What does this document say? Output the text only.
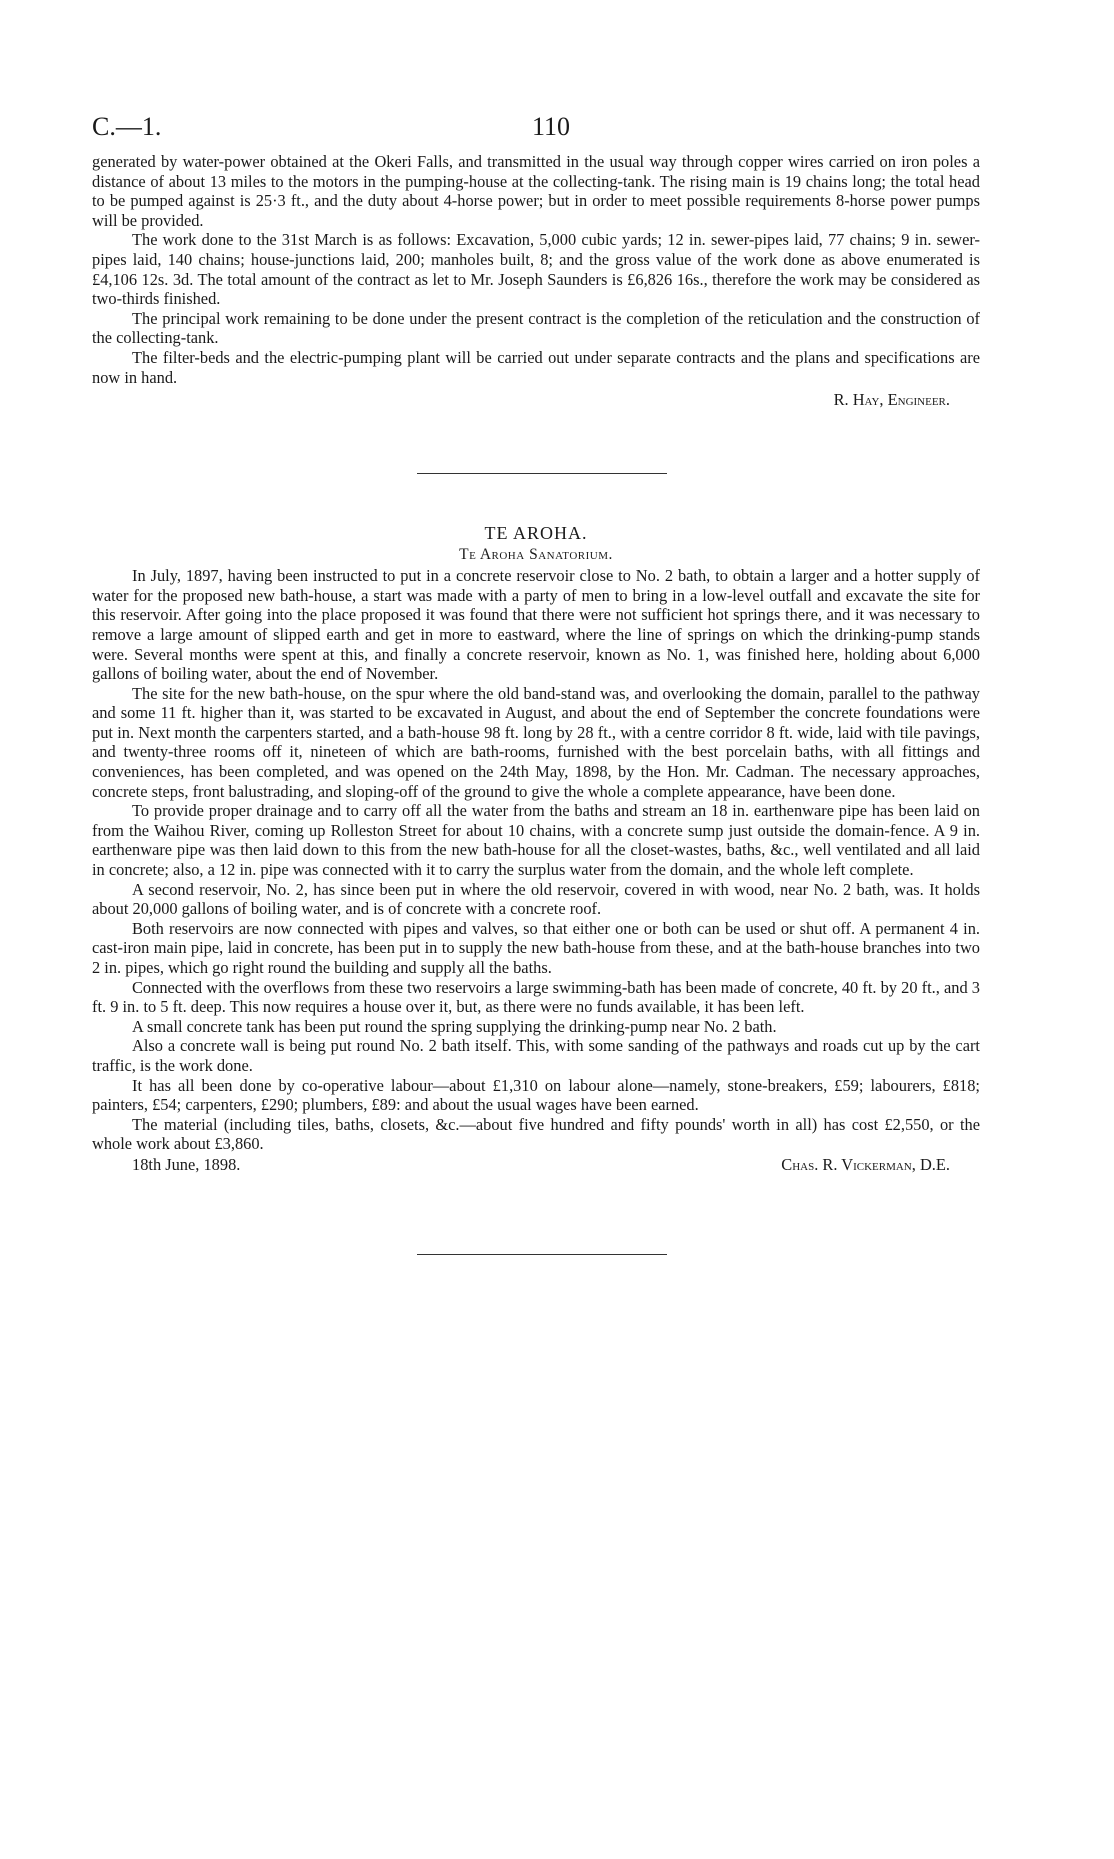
C.—1.	110

generated by water-power obtained at the Okeri Falls, and transmitted in the usual way through copper wires carried on iron poles a distance of about 13 miles to the motors in the pumping-house at the collecting-tank. The rising main is 19 chains long; the total head to be pumped against is 25·3 ft., and the duty about 4-horse power; but in order to meet possible requirements 8-horse power pumps will be provided.

The work done to the 31st March is as follows: Excavation, 5,000 cubic yards; 12 in. sewer-pipes laid, 77 chains; 9 in. sewer-pipes laid, 140 chains; house-junctions laid, 200; manholes built, 8; and the gross value of the work done as above enumerated is £4,106 12s. 3d. The total amount of the contract as let to Mr. Joseph Saunders is £6,826 16s., therefore the work may be considered as two-thirds finished.

The principal work remaining to be done under the present contract is the completion of the reticulation and the construction of the collecting-tank.

The filter-beds and the electric-pumping plant will be carried out under separate contracts and the plans and specifications are now in hand.

R. Hay, Engineer.
TE AROHA.
Te Aroha Sanatorium.

In July, 1897, having been instructed to put in a concrete reservoir close to No. 2 bath, to obtain a larger and a hotter supply of water for the proposed new bath-house, a start was made with a party of men to bring in a low-level outfall and excavate the site for this reservoir. After going into the place proposed it was found that there were not sufficient hot springs there, and it was necessary to remove a large amount of slipped earth and get in more to eastward, where the line of springs on which the drinking-pump stands were. Several months were spent at this, and finally a concrete reservoir, known as No. 1, was finished here, holding about 6,000 gallons of boiling water, about the end of November.

The site for the new bath-house, on the spur where the old band-stand was, and overlooking the domain, parallel to the pathway and some 11 ft. higher than it, was started to be excavated in August, and about the end of September the concrete foundations were put in. Next month the carpenters started, and a bath-house 98 ft. long by 28 ft., with a centre corridor 8 ft. wide, laid with tile pavings, and twenty-three rooms off it, nineteen of which are bath-rooms, furnished with the best porcelain baths, with all fittings and conveniences, has been completed, and was opened on the 24th May, 1898, by the Hon. Mr. Cadman. The necessary approaches, concrete steps, front balustrading, and sloping-off of the ground to give the whole a complete appearance, have been done.

To provide proper drainage and to carry off all the water from the baths and stream an 18 in. earthenware pipe has been laid on from the Waihou River, coming up Rolleston Street for about 10 chains, with a concrete sump just outside the domain-fence. A 9 in. earthenware pipe was then laid down to this from the new bath-house for all the closet-wastes, baths, &c., well ventilated and all laid in concrete; also, a 12 in. pipe was connected with it to carry the surplus water from the domain, and the whole left complete.

A second reservoir, No. 2, has since been put in where the old reservoir, covered in with wood, near No. 2 bath, was. It holds about 20,000 gallons of boiling water, and is of concrete with a concrete roof.

Both reservoirs are now connected with pipes and valves, so that either one or both can be used or shut off. A permanent 4 in. cast-iron main pipe, laid in concrete, has been put in to supply the new bath-house from these, and at the bath-house branches into two 2 in. pipes, which go right round the building and supply all the baths.

Connected with the overflows from these two reservoirs a large swimming-bath has been made of concrete, 40 ft. by 20 ft., and 3 ft. 9 in. to 5 ft. deep. This now requires a house over it, but, as there were no funds available, it has been left.

A small concrete tank has been put round the spring supplying the drinking-pump near No. 2 bath.

Also a concrete wall is being put round No. 2 bath itself. This, with some sanding of the pathways and roads cut up by the cart traffic, is the work done.

It has all been done by co-operative labour—about £1,310 on labour alone—namely, stone-breakers, £59; labourers, £818; painters, £54; carpenters, £290; plumbers, £89: and about the usual wages have been earned.

The material (including tiles, baths, closets, &c.—about five hundred and fifty pounds' worth in all) has cost £2,550, or the whole work about £3,860.

18th June, 1898.	Chas. R. Vickerman, D.E.
